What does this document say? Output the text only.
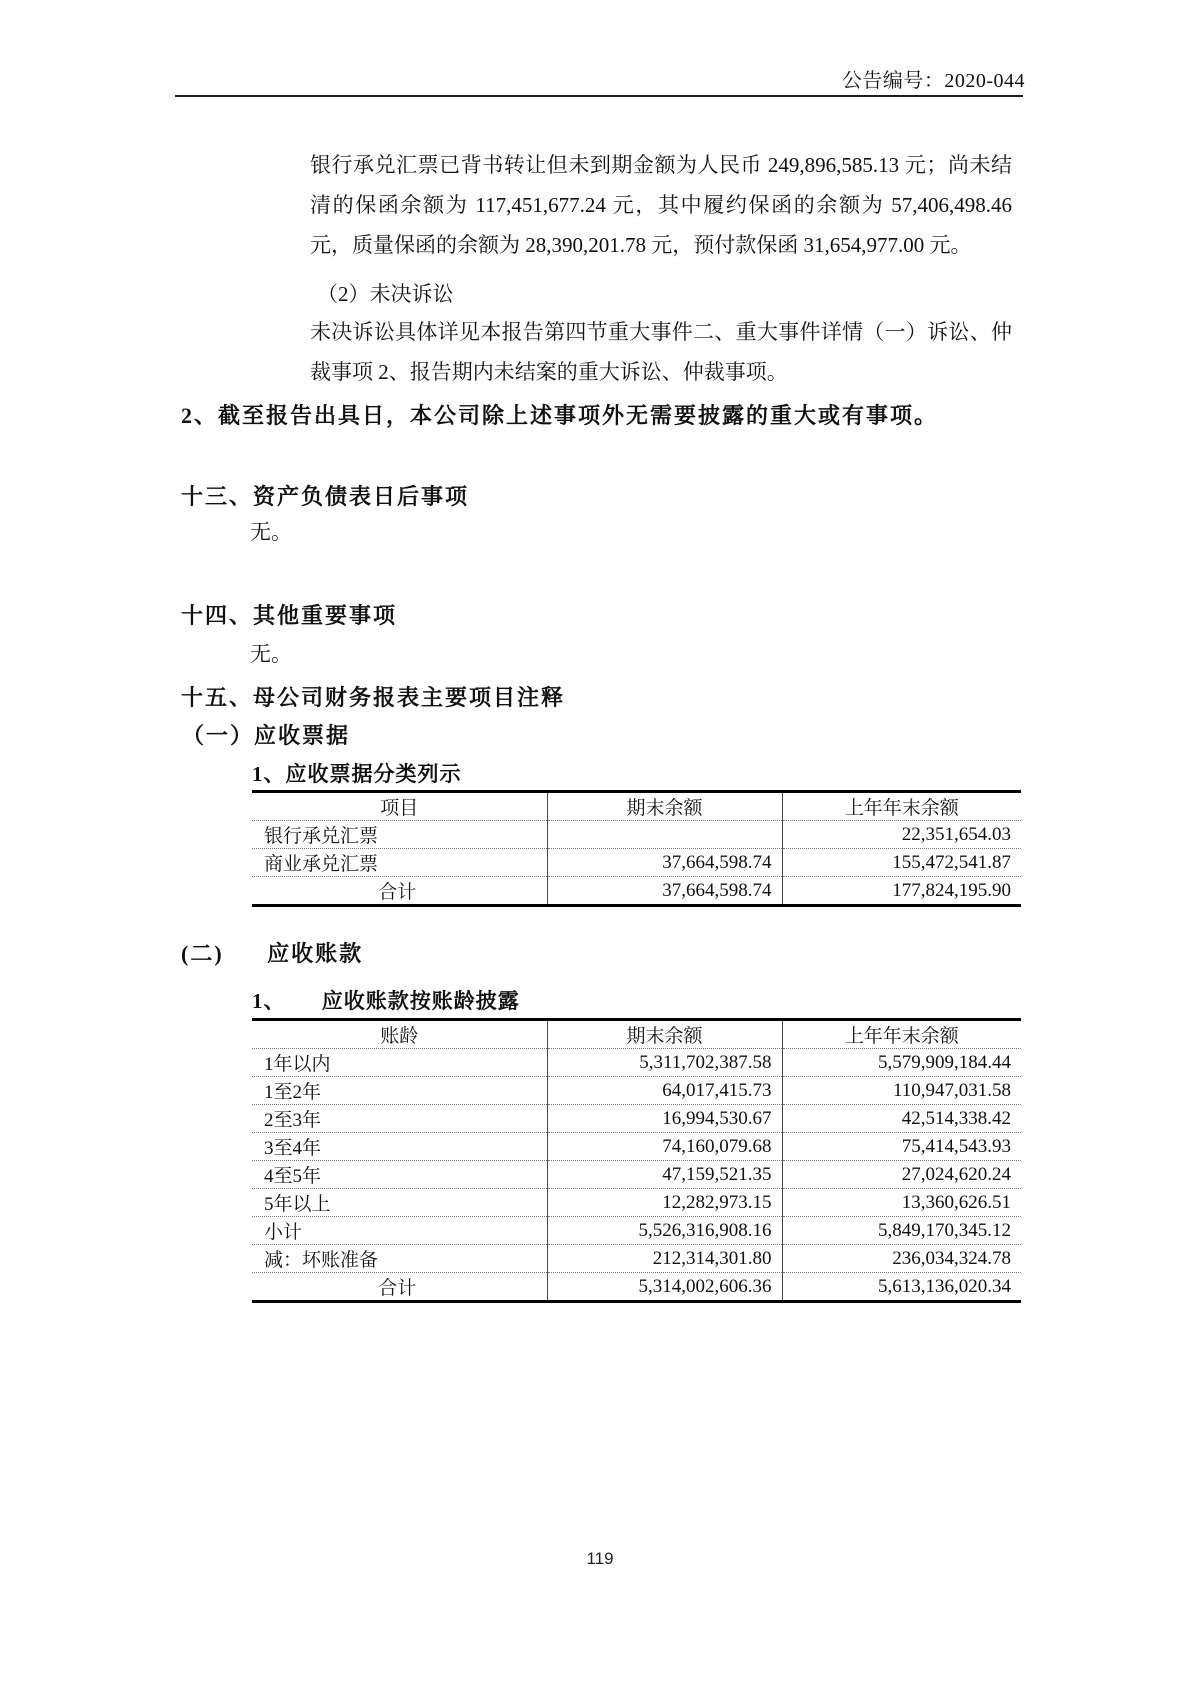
公告编号：2020-044

银行承兑汇票已背书转让但未到期金额为人民币 249,896,585.13 元；尚未结清的保函余额为 117,451,677.24 元，其中履约保函的余额为 57,406,498.46 元，质量保函的余额为 28,390,201.78 元，预付款保函 31,654,977.00 元。

（2）未决诉讼

未决诉讼具体详见本报告第四节重大事件二、重大事件详情（一）诉讼、仲裁事项 2、报告期内未结案的重大诉讼、仲裁事项。

2、截至报告出具日，本公司除上述事项外无需要披露的重大或有事项。

十三、资产负债表日后事项

无。

十四、其他重要事项

无。

十五、母公司财务报表主要项目注释
（一）应收票据
1、应收票据分类列示
项目	期末余额	上年年末余额
银行承兑汇票		22,351,654.03
商业承兑汇票	37,664,598.74	155,472,541.87
合计	37,664,598.74	177,824,195.90
(二) 应收账款
1、 应收账款按账龄披露
账龄	期末余额	上年年末余额
1年以内	5,311,702,387.58	5,579,909,184.44
1至2年	64,017,415.73	110,947,031.58
2至3年	16,994,530.67	42,514,338.42
3至4年	74,160,079.68	75,414,543.93
4至5年	47,159,521.35	27,024,620.24
5年以上	12,282,973.15	13,360,626.51
小计	5,526,316,908.16	5,849,170,345.12
减：坏账准备	212,314,301.80	236,034,324.78
合计	5,314,002,606.36	5,613,136,020.34
119
